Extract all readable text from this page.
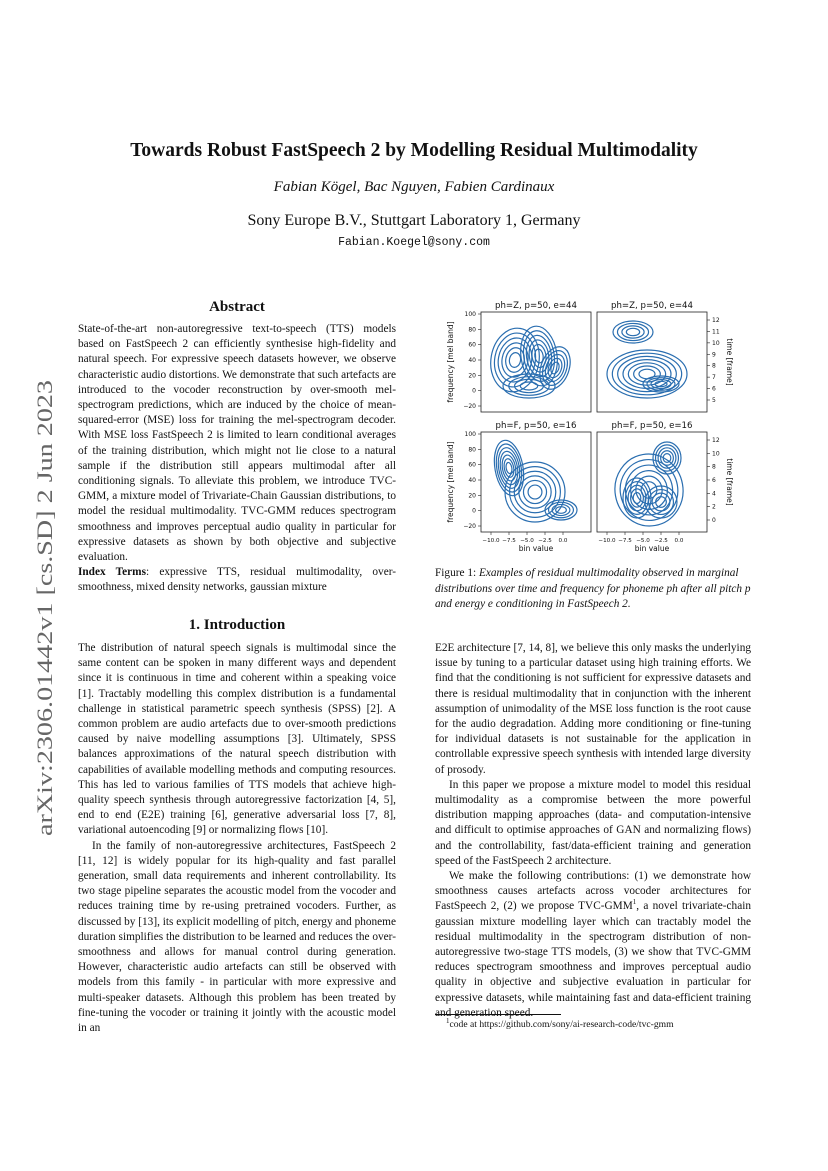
arXiv:2306.01442v1 [cs.SD] 2 Jun 2023
Towards Robust FastSpeech 2 by Modelling Residual Multimodality
Fabian Kögel, Bac Nguyen, Fabien Cardinaux
Sony Europe B.V., Stuttgart Laboratory 1, Germany
Fabian.Koegel@sony.com
Abstract

State-of-the-art non-autoregressive text-to-speech (TTS) models based on FastSpeech 2 can efficiently synthesise high-fidelity and natural speech. For expressive speech datasets however, we observe characteristic audio distortions. We demonstrate that such artefacts are introduced to the vocoder reconstruction by over-smooth mel-spectrogram predictions, which are induced by the choice of mean-squared-error (MSE) loss for training the mel-spectrogram decoder. With MSE loss FastSpeech 2 is limited to learn conditional averages of the training distribution, which might not lie close to a natural sample if the distribution still appears multimodal after all conditioning signals. To alleviate this problem, we introduce TVC-GMM, a mixture model of Trivariate-Chain Gaussian distributions, to model the residual multimodality. TVC-GMM reduces spectrogram smoothness and improves perceptual audio quality in particular for expressive datasets as shown by both objective and subjective evaluation.

Index Terms: expressive TTS, residual multimodality, over-smoothness, mixed density networks, gaussian mixture

1. Introduction

The distribution of natural speech signals is multimodal since the same content can be spoken in many different ways and dependent since it is continuous in time and coherent within a speaking voice [1]. Tractably modelling this complex distribution is a fundamental challenge in statistical parametric speech synthesis (SPSS) [2]. A common problem are audio artefacts due to over-smooth predictions caused by naive modelling assumptions [3]. Ultimately, SPSS balances approximations of the natural speech distribution with capabilities of available modelling methods and computing resources. This has led to various families of TTS models that achieve high-quality speech synthesis through autoregressive factorization [4, 5], end to end (E2E) training [6], generative adversarial loss [7, 8], variational autoencoding [9] or normalizing flows [10].

In the family of non-autoregressive architectures, FastSpeech 2 [11, 12] is widely popular for its high-quality and fast parallel generation, small data requirements and inherent controllability. Its two stage pipeline separates the acoustic model from the vocoder and reduces training time by re-using pretrained vocoders. Further, as discussed by [13], its explicit modelling of pitch, energy and phoneme duration simplifies the distribution to be learned and reduces the over-smoothness and allows for manual control during generation. However, characteristic audio artefacts can still be observed with models from this family - in particular with more expressive and multi-speaker datasets. Although this problem has been treated by fine-tuning the vocoder or training it jointly with the acoustic model in an

E2E architecture [7, 14, 8], we believe this only masks the underlying issue by tuning to a particular dataset using high training efforts. We find that the conditioning is not sufficient for expressive datasets and there is residual multimodality that in conjunction with the inherent assumption of unimodality of the MSE loss function is the root cause for the audio degradation. Adding more conditioning or fine-tuning for individual datasets is not sustainable for the application in controllable expressive speech synthesis with intended large diversity of prosody.

In this paper we propose a mixture model to model this residual multimodality as a compromise between the more powerful distribution mapping approaches (data- and computation-intensive and difficult to optimise approaches of GAN and normalizing flows) and the controllability, fast/data-efficient training and generation speed of the FastSpeech 2 architecture.

We make the following contributions: (1) we demonstrate how smoothness causes artefacts across vocoder architectures for FastSpeech 2, (2) we propose TVC-GMM$^1$, a novel trivariate-chain gaussian mixture modelling layer which can tractably model the residual multimodality in the spectrogram distribution of non-autoregressive two-stage TTS models, (3) we show that TVC-GMM reduces spectrogram smoothness and improves perceptual audio quality in objective and subjective evaluation in particular for expressive datasets, while maintaining fast and data-efficient training and generation speed.

ph=Z, p=50, e=44	ph=Z, p=50, e=44
ph=F, p=50, e=16	ph=F, p=50, e=16
100
80
60
40
20
0
−20
frequency [mel band]
100
80
60
40
20
0
−20
frequency [mel band]
12
11
10
9
8
7
6
5
time [frame]
12
10
8
6
4
2
0
time [frame]
−10.0 −7.5 −5.0 −2.5 0.0
bin value
−10.0 −7.5 −5.0 −2.5 0.0
bin value
Figure 1: Examples of residual multimodality observed in marginal distributions over time and frequency for phoneme ph after all pitch p and energy e conditioning in FastSpeech 2.
$^1$code at https://github.com/sony/ai-research-code/tvc-gmm
